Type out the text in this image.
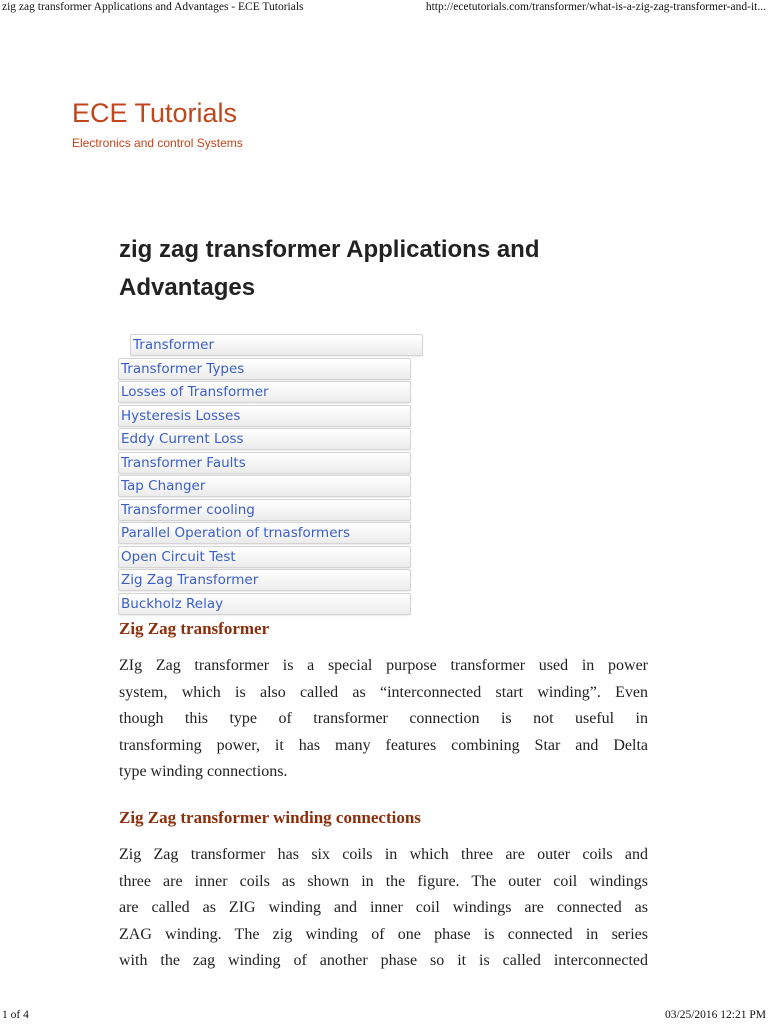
zig zag transformer Applications and Advantages - ECE Tutorials	http://ecetutorials.com/transformer/what-is-a-zig-zag-transformer-and-it...
ECE Tutorials
Electronics and control Systems
zig zag transformer Applications and Advantages
Transformer
Transformer Types
Losses of Transformer
Hysteresis Losses
Eddy Current Loss
Transformer Faults
Tap Changer
Transformer cooling
Parallel Operation of trnasformers
Open Circuit Test
Zig Zag Transformer
Buckholz Relay
Zig Zag transformer
ZIg Zag transformer is a special purpose transformer used in power
system, which is also called as “interconnected start winding”. Even
though this type of transformer connection is not useful in
transforming power, it has many features combining Star and Delta
type winding connections.
Zig Zag transformer winding connections
Zig Zag transformer has six coils in which three are outer coils and
three are inner coils as shown in the figure. The outer coil windings
are called as ZIG winding and inner coil windings are connected as
ZAG winding. The zig winding of one phase is connected in series
with the zag winding of another phase so it is called interconnected
1 of 4	03/25/2016 12:21 PM
